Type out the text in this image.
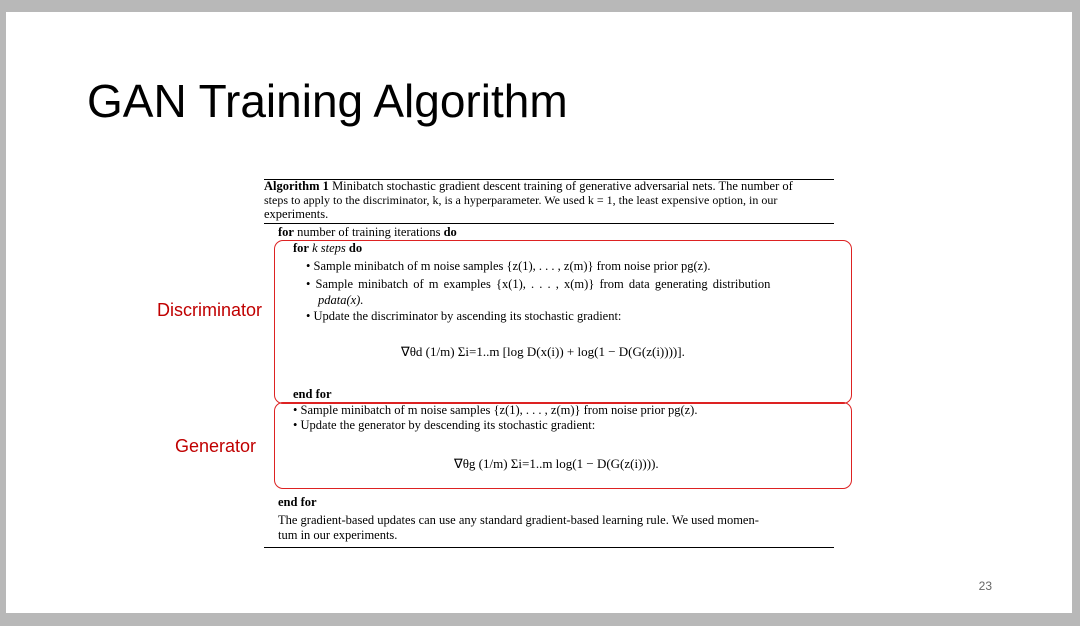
GAN Training Algorithm
Algorithm 1 Minibatch stochastic gradient descent training of generative adversarial nets. The number of
steps to apply to the discriminator, k, is a hyperparameter. We used k = 1, the least expensive option, in our
experiments.
for number of training iterations do
Discriminator
for k steps do
• Sample minibatch of m noise samples {z(1), . . . , z(m)} from noise prior pg(z).
• Sample minibatch of m examples {x(1), . . . , x(m)} from data generating distribution
pdata(x).
• Update the discriminator by ascending its stochastic gradient:
∇θd (1/m) Σi=1..m [log D(x(i)) + log(1 − D(G(z(i))))].
end for
Generator
• Sample minibatch of m noise samples {z(1), . . . , z(m)} from noise prior pg(z).
• Update the generator by descending its stochastic gradient:
∇θg (1/m) Σi=1..m log(1 − D(G(z(i)))).
end for
The gradient-based updates can use any standard gradient-based learning rule. We used momen-
tum in our experiments.
23
